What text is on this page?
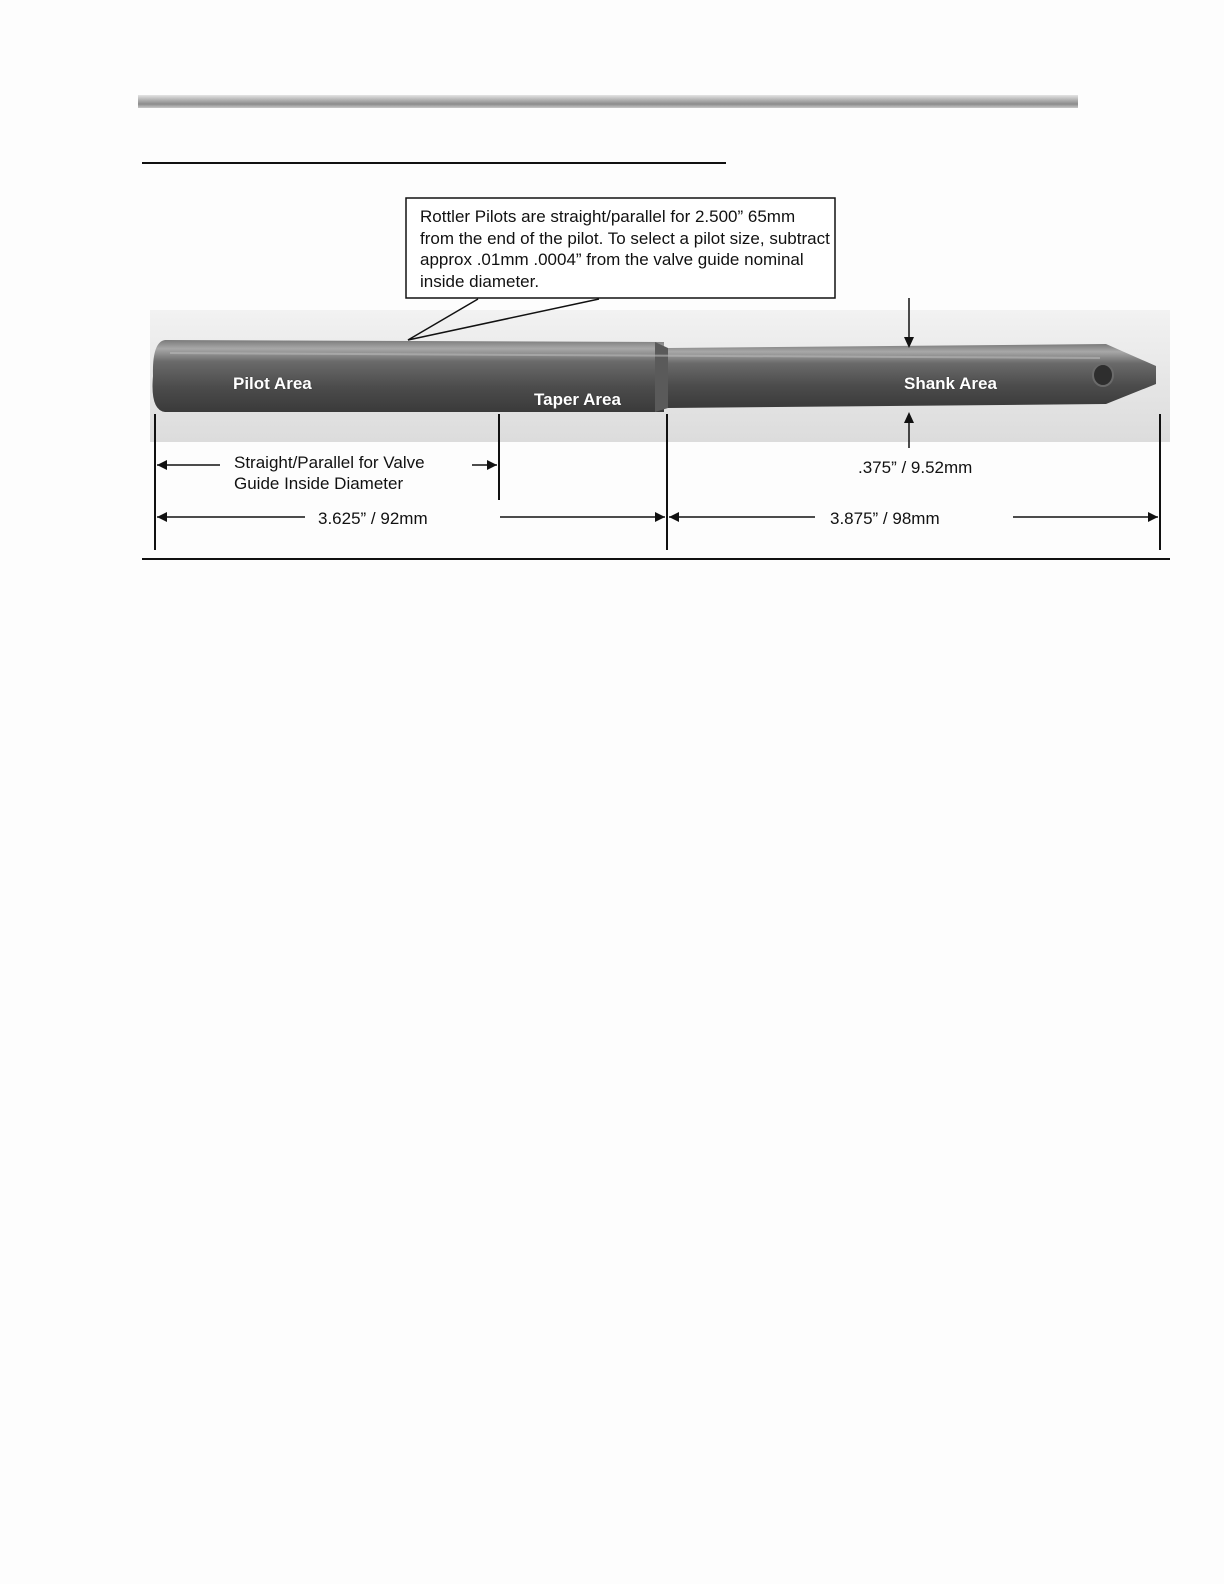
Rottler Pilots are straight/parallel for 2.500” 65mm from the end of the pilot. To select a pilot size, subtract approx .01mm .0004” from the valve guide nominal inside diameter.
Pilot Area
Taper Area
Shank Area
Straight/Parallel for Valve
Guide Inside Diameter
.375” / 9.52mm
3.625” / 92mm	3.875” / 98mm
